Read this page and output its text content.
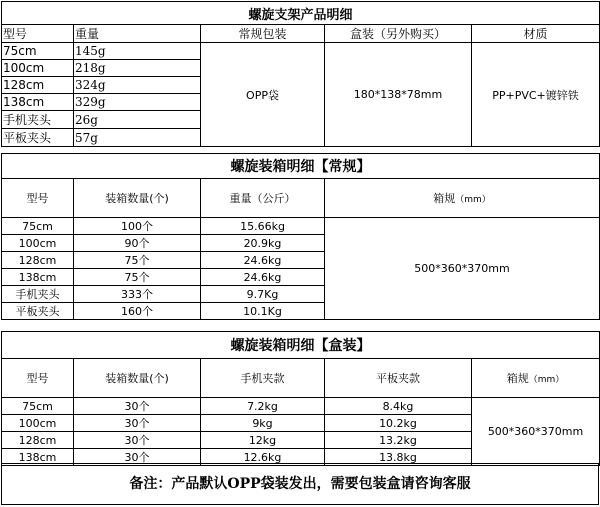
螺旋支架产品明细				
型号	重量	常规包装	盒装（另外购买）	材质
75cm	145g	OPP袋	180*138*78mm	PP+PVC+镀锌铁
100cm	218g			
128cm	324g			
138cm	329g			
手机夹头	26g			
平板夹头	57g			
螺旋装箱明细【常规】			
型号	装箱数量(个)	重量（公斤）	箱规（mm）
75cm	100个	15.66kg	500*360*370mm
100cm	90个	20.9kg	
128cm	75个	24.6kg	
138cm	75个	24.6kg	
手机夹头	333个	9.7Kg	
平板夹头	160个	10.1Kg	
螺旋装箱明细【盒装】				
型号	装箱数量(个)	手机夹款	平板夹款	箱规（mm）
75cm	30个	7.2kg	8.4kg	500*360*370mm
100cm	30个	9kg	10.2kg	
128cm	30个	12kg	13.2kg	
138cm	30个	12.6kg	13.8kg	
备注：产品默认OPP袋装发出，需要包装盒请咨询客服
